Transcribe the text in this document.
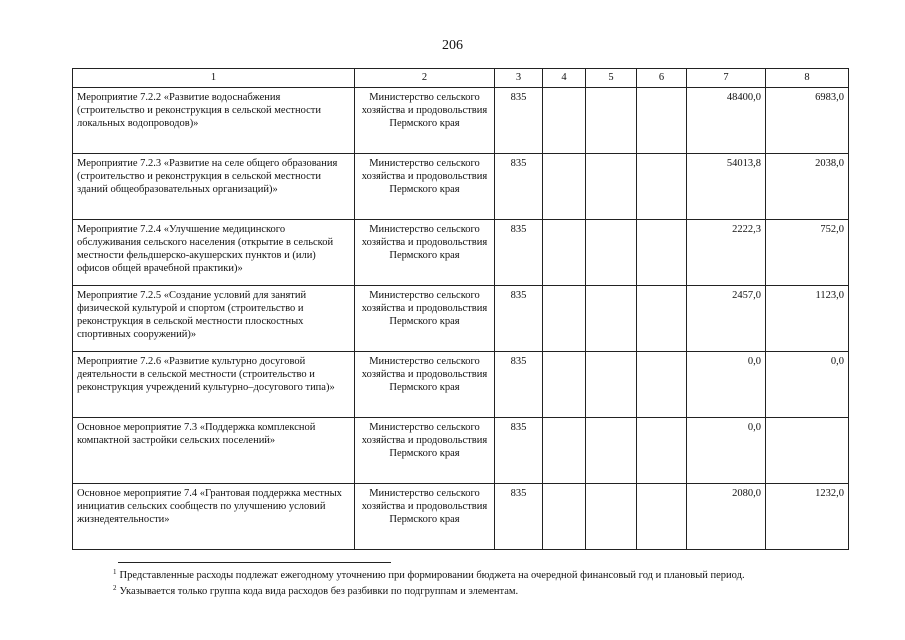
206
1	2	3	4	5	6	7	8
Мероприятие 7.2.2 «Развитие водоснабжения (строительство и реконструкция в сельской местности локальных водопроводов)»	Министерство сельского хозяйства и продовольствия Пермского края	835				48400,0	6983,0
Мероприятие 7.2.3 «Развитие на селе общего образования (строительство и реконструкция в сельской местности зданий общеобразовательных организаций)»	Министерство сельского хозяйства и продовольствия Пермского края	835				54013,8	2038,0
Мероприятие 7.2.4 «Улучшение медицинского обслуживания сельского населения (открытие в сельской местности фельдшерско-акушерских пунктов и (или) офисов общей врачебной практики)»	Министерство сельского хозяйства и продовольствия Пермского края	835				2222,3	752,0
Мероприятие 7.2.5 «Создание условий для занятий физической культурой и спортом (строительство и реконструкция в сельской местности плоскостных спортивных сооружений)»	Министерство сельского хозяйства и продовольствия Пермского края	835				2457,0	1123,0
Мероприятие 7.2.6 «Развитие культурно досуговой деятельности в сельской местности (строительство и реконструкция учреждений культурно–досугового типа)»	Министерство сельского хозяйства и продовольствия Пермского края	835				0,0	0,0
Основное мероприятие 7.3 «Поддержка комплексной компактной застройки сельских поселений»	Министерство сельского хозяйства и продовольствия Пермского края	835				0,0	
Основное мероприятие 7.4 «Грантовая поддержка местных инициатив сельских сообществ по улучшению условий жизнедеятельности»	Министерство сельского хозяйства и продовольствия Пермского края	835				2080,0	1232,0
$^1$ Представленные расходы подлежат ежегодному уточнению при формировании бюджета на очередной финансовый год и плановый период.
$^2$ Указывается только группа кода вида расходов без разбивки по подгруппам и элементам.
